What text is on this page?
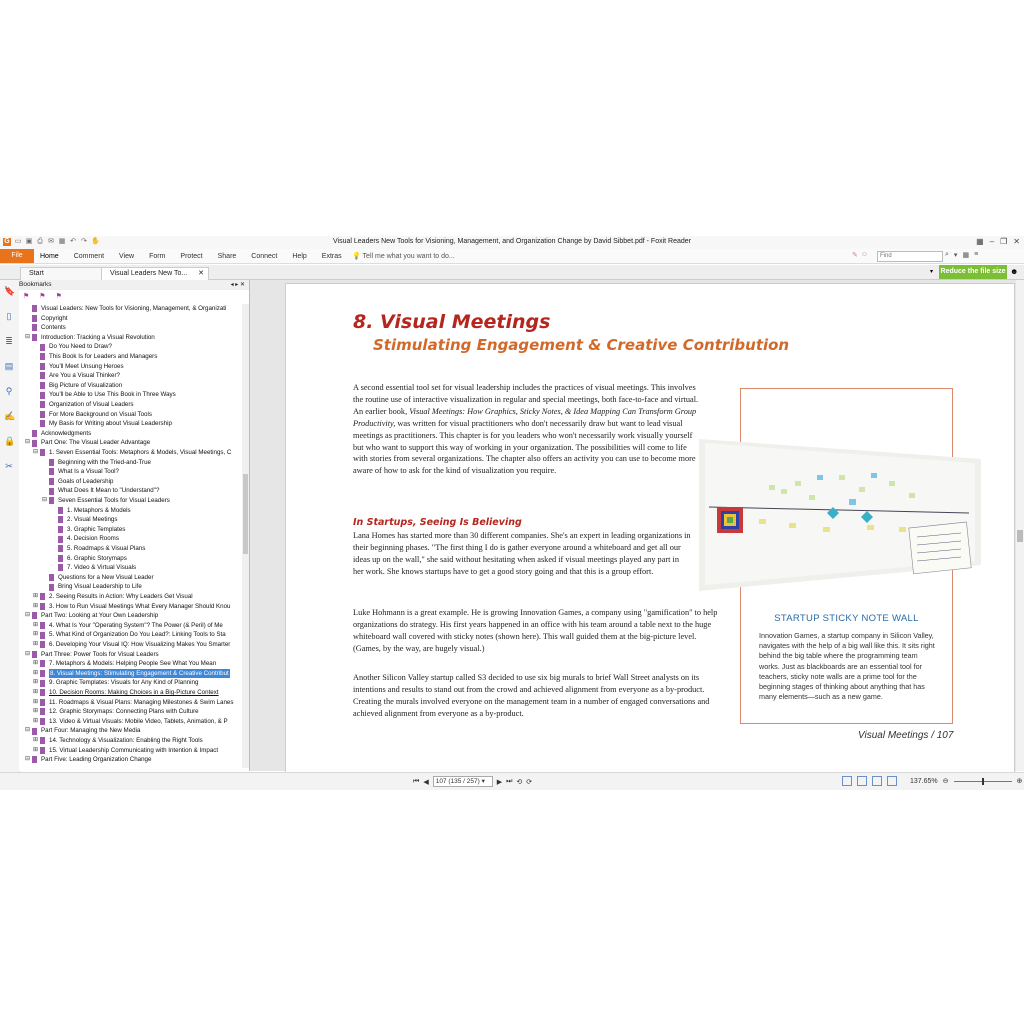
G ▭ ▣ ⎙ ✉ ▦ ↶ ↷ ✋	Visual Leaders New Tools for Visioning, Management, and Organization Change by David Sibbet.pdf - Foxit Reader	▦ – ❐ ✕
File	Home Comment View Form Protect Share Connect Help Extras 💡 Tell me what you want to do...	✎ ☺	Find	⌕ ▾ ▦ ≡
Start	Visual Leaders New To... ✕	▾ Reduce the file size ☻
🔖
▯
≣
▤
⚲
✍
🔒
✂
Bookmarks	◂ ▸ ✕
⚑ ⚑ ⚑
Visual Leaders: New Tools for Visioning, Management, & Organizati
Copyright
Contents
⊟ Introduction: Tracking a Visual Revolution
Do You Need to Draw?
This Book Is for Leaders and Managers
You'll Meet Unsung Heroes
Are You a Visual Thinker?
Big Picture of Visualization
You'll be Able to Use This Book in Three Ways
Organization of Visual Leaders
For More Background on Visual Tools
My Basis for Writing about Visual Leadership
Acknowledgments
⊟ Part One: The Visual Leader Advantage
⊟ 1. Seven Essential Tools: Metaphors & Models, Visual Meetings, C
Beginning with the Tried-and-True
What Is a Visual Tool?
Goals of Leadership
What Does It Mean to "Understand"?
⊟ Seven Essential Tools for Visual Leaders
1. Metaphors & Models
2. Visual Meetings
3. Graphic Templates
4. Decision Rooms
5. Roadmaps & Visual Plans
6. Graphic Storymaps
7. Video & Virtual Visuals
Questions for a New Visual Leader
Bring Visual Leadership to Life
⊞ 2. Seeing Results in Action: Why Leaders Get Visual
⊞ 3. How to Run Visual Meetings What Every Manager Should Knou
⊟ Part Two: Looking at Your Own Leadership
⊞ 4. What Is Your "Operating System"? The Power (& Peril) of Me
⊞ 5. What Kind of Organization Do You Lead?: Linking Tools to Sta
⊞ 6. Developing Your Visual IQ: How Visualizing Makes You Smarter
⊟ Part Three: Power Tools for Visual Leaders
⊞ 7. Metaphors & Models: Helping People See What You Mean
⊞ 8. Visual Meetings: Stimulating Engagement & Creative Contribut
⊞ 9. Graphic Templates: Visuals for Any Kind of Planning
⊞ 10. Decision Rooms: Making Choices in a Big-Picture Context
⊞ 11. Roadmaps & Visual Plans: Managing Milestones & Swim Lanes
⊞ 12. Graphic Storymaps: Connecting Plans with Culture
⊞ 13. Video & Virtual Visuals: Mobile Video, Tablets, Animation, & P
⊟ Part Four: Managing the New Media
⊞ 14. Technology & Visualization: Enabling the Right Tools
⊞ 15. Virtual Leadership Communicating with Intention & Impact
⊟ Part Five: Leading Organization Change
8. Visual Meetings
Stimulating Engagement & Creative Contribution
A second essential tool set for visual leadership includes the practices of visual meetings. This involves the routine use of interactive visualization in regular and special meetings, both face-to-face and virtual. An earlier book, Visual Meetings: How Graphics, Sticky Notes, & Idea Mapping Can Transform Group Productivity, was written for visual practitioners who don't necessarily draw but want to lead visual meetings as practitioners. This chapter is for you leaders who won't necessarily work visually yourself but who want to support this way of working in your organization. The possibilities will come to life with stories from several organizations. The chapter also offers an activity you can use to become more aware of how to ask for the kind of visualization you require.
In Startups, Seeing Is Believing
Lana Homes has started more than 30 different companies. She's an expert in leading organizations in their beginning phases. "The first thing I do is gather everyone around a whiteboard and get all our ideas up on the wall," she said without hesitating when asked if visual meetings played any part in her work. She knows startups have to get a good story going and that this is a group effort.
Luke Hohmann is a great example. He is growing Innovation Games, a company using "gamification" to help organizations do strategy. His first years happened in an office with his team around a table next to the huge whiteboard wall covered with sticky notes (shown here). This wall guided them at the big-picture level. (Games, by the way, are hugely visual.)
Another Silicon Valley startup called S3 decided to use six big murals to brief Wall Street analysts on its intentions and results to stand out from the crowd and achieved alignment from everyone as a by-product. Creating the murals involved everyone on the management team in a number of engaged conversations and achieved alignment from everyone as a by-product.
STARTUP STICKY NOTE WALL
Innovation Games, a startup company in Silicon Valley, navigates with the help of a big wall like this. It sits right behind the big table where the programming team works. Just as blackboards are an essential tool for teachers, sticky note walls are a prime tool for the beginning stages of thinking about anything that has many elements—such as a new game.
Visual Meetings / 107
⏮ ◀	107 (135 / 257) ▾	▶ ⏭ ⟲ ⟳	137.65% ⊖	⊕
